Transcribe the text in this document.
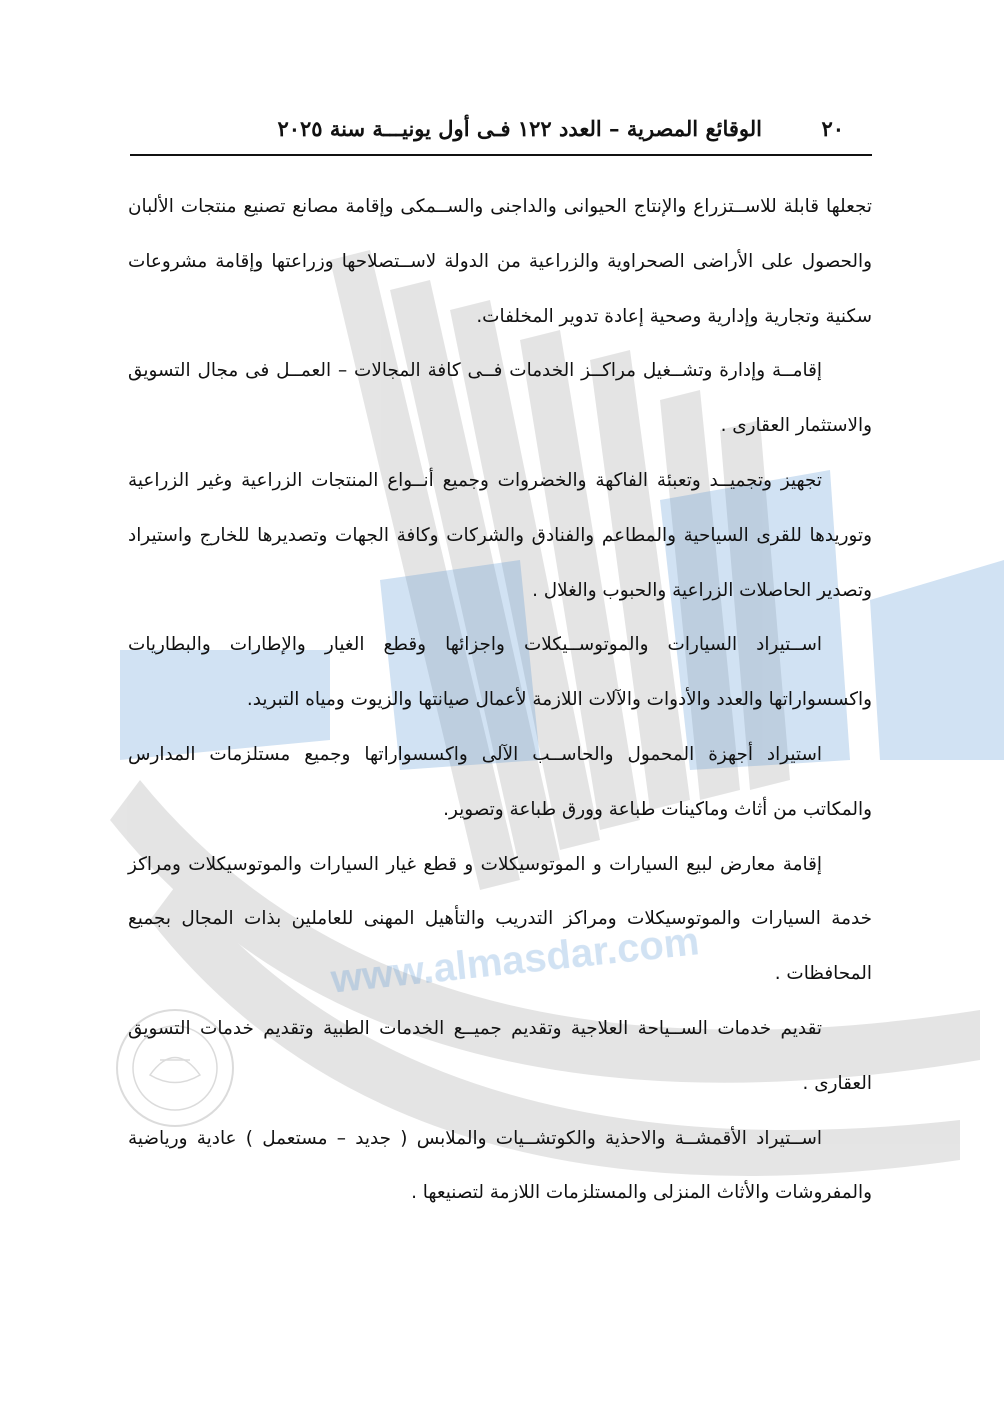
www.almasdar.com
٢٠
الوقائع المصرية – العدد ١٢٢ فـى أول يونيـــة سنة ٢٠٢٥

تجعلها قابلة للاســتزراع والإنتاج الحيوانى والداجنى والســمكى وإقامة مصانع تصنيع منتجات الألبان والحصول على الأراضى الصحراوية والزراعية من الدولة لاســتصلاحها وزراعتها وإقامة مشروعات سكنية وتجارية وإدارية وصحية إعادة تدوير المخلفات.

إقامــة وإدارة وتشــغيل مراكــز الخدمات فــى كافة المجالات – العمــل فى مجال التسويق والاستثمار العقارى .

تجهيز وتجميــد وتعبئة الفاكهة والخضروات وجميع أنــواع المنتجات الزراعية وغير الزراعية وتوريدها للقرى السياحية والمطاعم والفنادق والشركات وكافة الجهات وتصديرها للخارج واستيراد وتصدير الحاصلات الزراعية والحبوب والغلال .

اســتيراد السيارات والموتوســيكلات واجزائها وقطع الغيار والإطارات والبطاريات واكسسواراتها والعدد والأدوات والآلات اللازمة لأعمال صيانتها والزيوت ومياه التبريد.

استيراد أجهزة المحمول والحاســب الآلى واكسسواراتها وجميع مستلزمات المدارس والمكاتب من أثاث وماكينات طباعة وورق طباعة وتصوير.

إقامة معارض لبيع السيارات و الموتوسيكلات و قطع غيار السيارات والموتوسيكلات ومراكز خدمة السيارات والموتوسيكلات ومراكز التدريب والتأهيل المهنى للعاملين بذات المجال بجميع المحافظات .

تقديم خدمات الســياحة العلاجية وتقديم جميــع الخدمات الطبية وتقديم خدمات التسويق العقارى .

اســتيراد الأقمشــة والاحذية والكوتشــيات والملابس ( جديد – مستعمل ) عادية ورياضية والمفروشات والأثاث المنزلى والمستلزمات اللازمة لتصنيعها .
